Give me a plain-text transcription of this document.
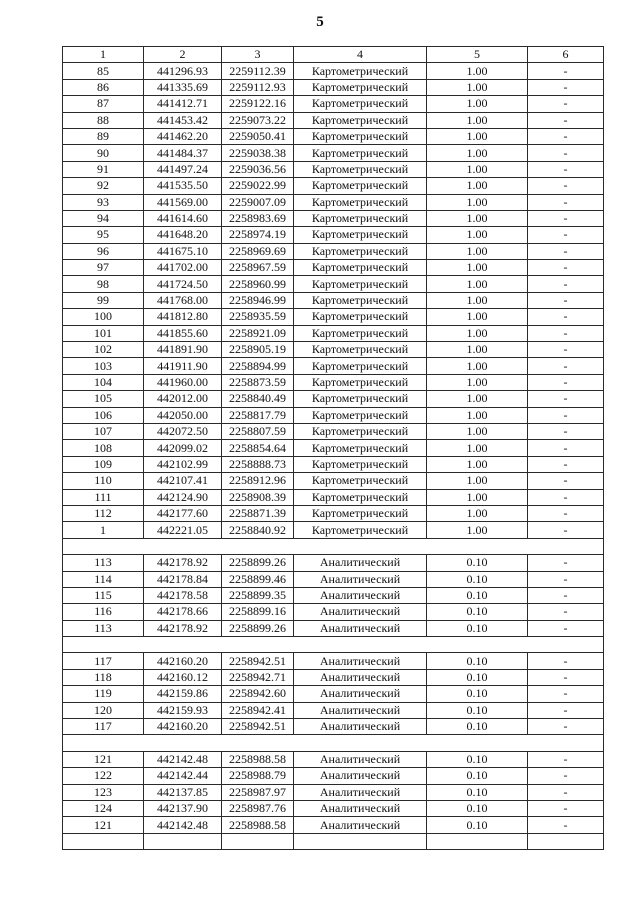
5
1	2	3	4	5	6
85	441296.93	2259112.39	Картометрический	1.00	-
86	441335.69	2259112.93	Картометрический	1.00	-
87	441412.71	2259122.16	Картометрический	1.00	-
88	441453.42	2259073.22	Картометрический	1.00	-
89	441462.20	2259050.41	Картометрический	1.00	-
90	441484.37	2259038.38	Картометрический	1.00	-
91	441497.24	2259036.56	Картометрический	1.00	-
92	441535.50	2259022.99	Картометрический	1.00	-
93	441569.00	2259007.09	Картометрический	1.00	-
94	441614.60	2258983.69	Картометрический	1.00	-
95	441648.20	2258974.19	Картометрический	1.00	-
96	441675.10	2258969.69	Картометрический	1.00	-
97	441702.00	2258967.59	Картометрический	1.00	-
98	441724.50	2258960.99	Картометрический	1.00	-
99	441768.00	2258946.99	Картометрический	1.00	-
100	441812.80	2258935.59	Картометрический	1.00	-
101	441855.60	2258921.09	Картометрический	1.00	-
102	441891.90	2258905.19	Картометрический	1.00	-
103	441911.90	2258894.99	Картометрический	1.00	-
104	441960.00	2258873.59	Картометрический	1.00	-
105	442012.00	2258840.49	Картометрический	1.00	-
106	442050.00	2258817.79	Картометрический	1.00	-
107	442072.50	2258807.59	Картометрический	1.00	-
108	442099.02	2258854.64	Картометрический	1.00	-
109	442102.99	2258888.73	Картометрический	1.00	-
110	442107.41	2258912.96	Картометрический	1.00	-
111	442124.90	2258908.39	Картометрический	1.00	-
112	442177.60	2258871.39	Картометрический	1.00	-
1	442221.05	2258840.92	Картометрический	1.00	-

113	442178.92	2258899.26	Аналитический	0.10	-
114	442178.84	2258899.46	Аналитический	0.10	-
115	442178.58	2258899.35	Аналитический	0.10	-
116	442178.66	2258899.16	Аналитический	0.10	-
113	442178.92	2258899.26	Аналитический	0.10	-

117	442160.20	2258942.51	Аналитический	0.10	-
118	442160.12	2258942.71	Аналитический	0.10	-
119	442159.86	2258942.60	Аналитический	0.10	-
120	442159.93	2258942.41	Аналитический	0.10	-
117	442160.20	2258942.51	Аналитический	0.10	-

121	442142.48	2258988.58	Аналитический	0.10	-
122	442142.44	2258988.79	Аналитический	0.10	-
123	442137.85	2258987.97	Аналитический	0.10	-
124	442137.90	2258987.76	Аналитический	0.10	-
121	442142.48	2258988.58	Аналитический	0.10	-
